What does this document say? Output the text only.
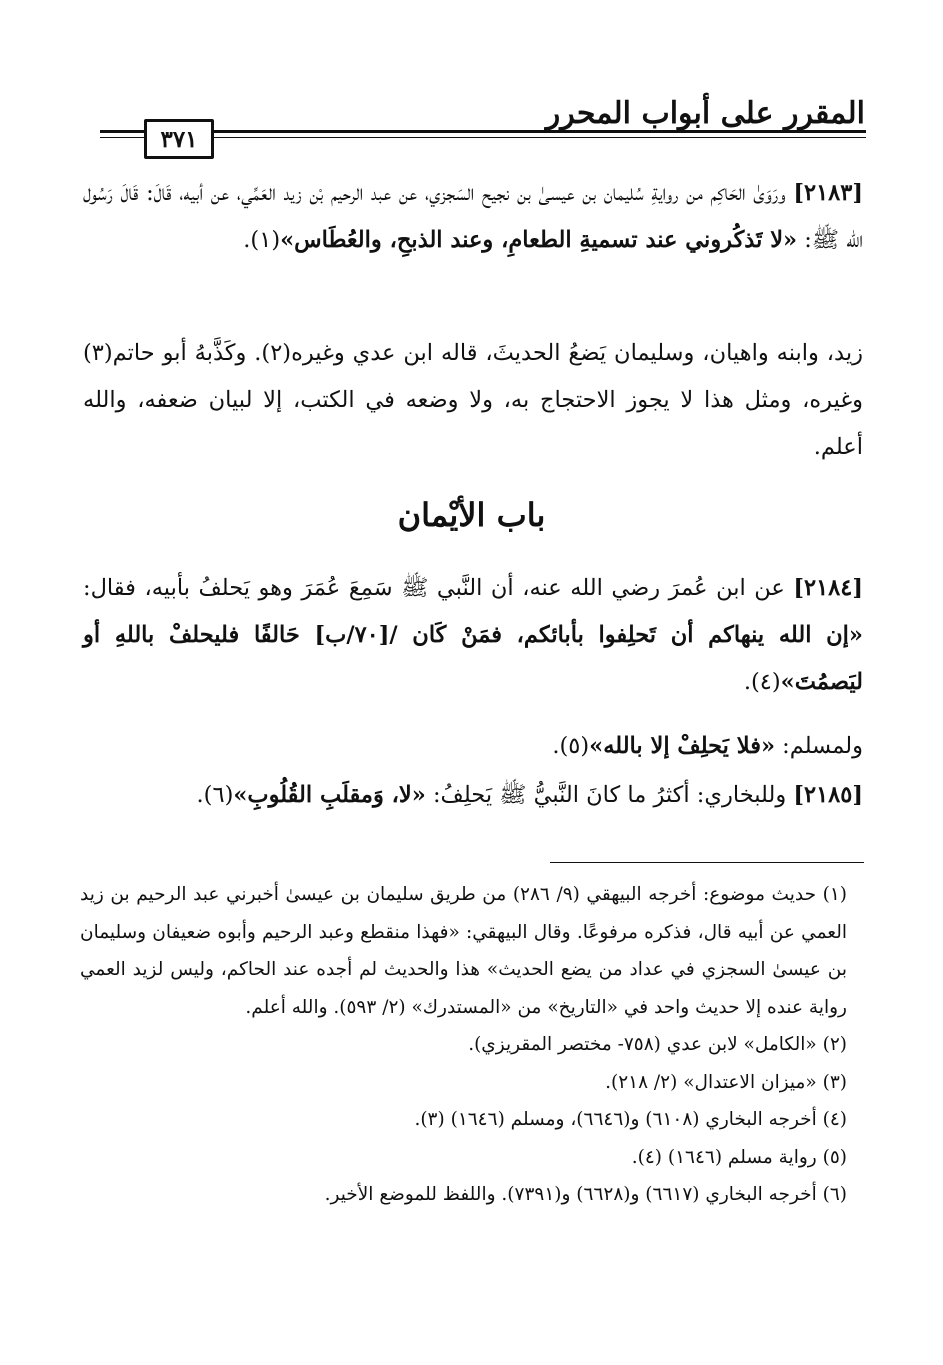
المقرر على أبواب المحرر
٣٧١
[٢١٨٣] ورَوَىٰ الحَاكِم من روايةِ سُليمان بن عيسىٰ بن نجيح السَجزي، عن عبد الرحيم بْن زيد العَمِّي، عن أبيه، قَالَ: قَالَ رَسُول الله ﷺ: «لا تَذكُروني عند تسميةِ الطعامِ، وعند الذبحِ، والعُطَاس»(١).
زيد، وابنه واهيان، وسليمان يَضعُ الحديثَ، قاله ابن عدي وغيره(٢). وكَذَّبهُ أبو حاتم(٣) وغيره، ومثل هذا لا يجوز الاحتجاج به، ولا وضعه في الكتب، إلا لبيان ضعفه، والله أعلم.
باب الأيْمان
[٢١٨٤] عن ابن عُمرَ رضي الله عنه، أن النَّبي ﷺ سَمِعَ عُمَرَ وهو يَحلفُ بأبيه، فقال: «إن الله ينهاكم أن تَحلِفوا بأبائكم، فمَنْ كَان /[٧٠/ب] حَالفًا فليحلفْ باللهِ أو ليَصمُتَ»(٤).
ولمسلم: «فلا يَحلِفْ إلا بالله»(٥).
[٢١٨٥] وللبخاري: أكثرُ ما كانَ النَّبيُّ ﷺ يَحلِفُ: «لا، وَمقلَبِ القُلُوبِ»(٦).

(١) حديث موضوع: أخرجه البيهقي (٩/ ٢٨٦) من طريق سليمان بن عيسىٰ أخبرني عبد الرحيم بن زيد العمي عن أبيه قال، فذكره مرفوعًا. وقال البيهقي: «فهذا منقطع وعبد الرحيم وأبوه ضعيفان وسليمان بن عيسىٰ السجزي في عداد من يضع الحديث» هذا والحديث لم أجده عند الحاكم، وليس لزيد العمي رواية عنده إلا حديث واحد في «التاريخ» من «المستدرك» (٢/ ٥٩٣). والله أعلم.

(٢) «الكامل» لابن عدي (٧٥٨- مختصر المقريزي).

(٣) «ميزان الاعتدال» (٢/ ٢١٨).

(٤) أخرجه البخاري (٦١٠٨) و(٦٦٤٦)، ومسلم (١٦٤٦) (٣).

(٥) رواية مسلم (١٦٤٦) (٤).

(٦) أخرجه البخاري (٦٦١٧) و(٦٦٢٨) و(٧٣٩١). واللفظ للموضع الأخير.
